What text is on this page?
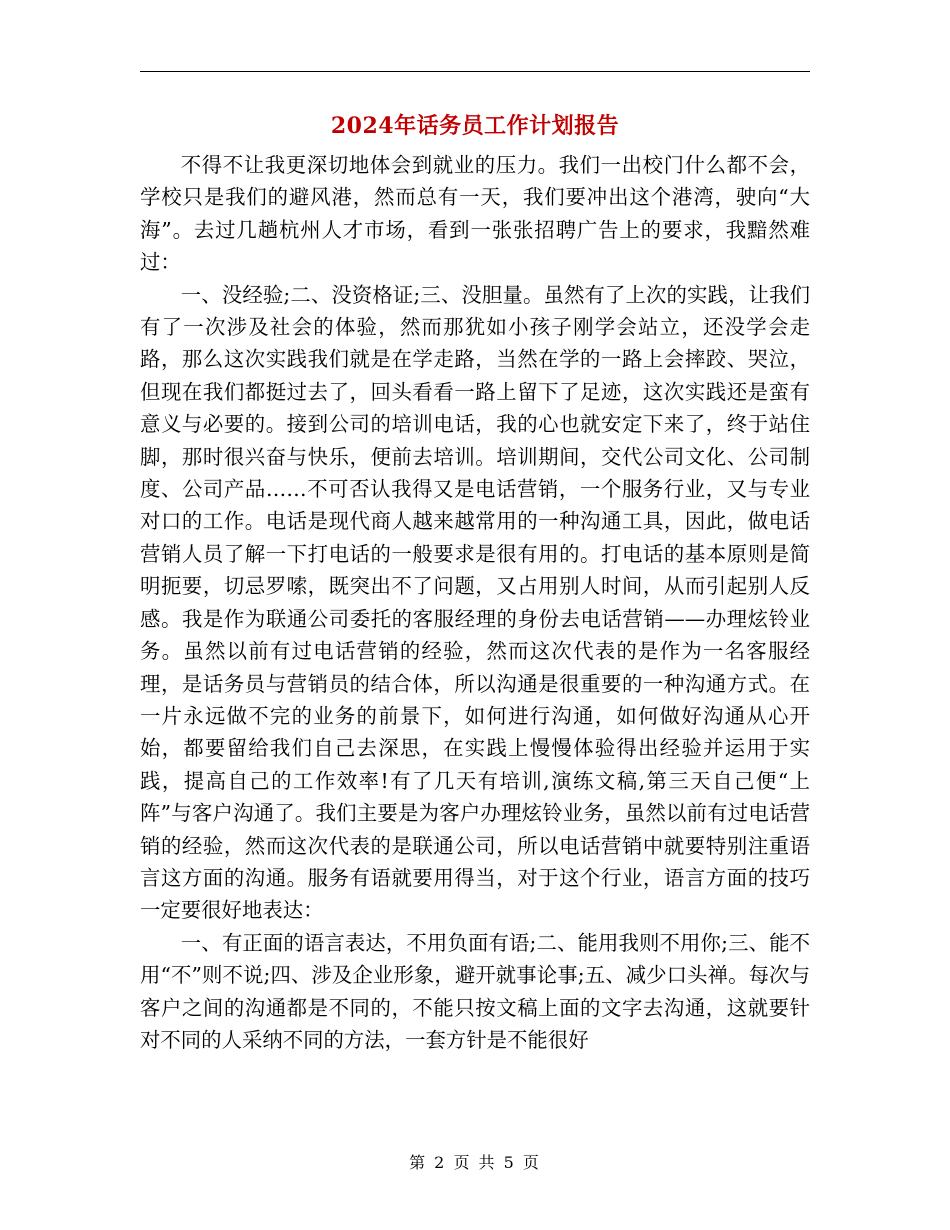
2024年话务员工作计划报告

不得不让我更深切地体会到就业的压力。我们一出校门什么都不会，学校只是我们的避风港，然而总有一天，我们要冲出这个港湾，驶向“大海”。去过几趟杭州人才市场，看到一张张招聘广告上的要求，我黯然难过：

一、没经验;二、没资格证;三、没胆量。虽然有了上次的实践，让我们有了一次涉及社会的体验，然而那犹如小孩子刚学会站立，还没学会走路，那么这次实践我们就是在学走路，当然在学的一路上会摔跤、哭泣，但现在我们都挺过去了，回头看看一路上留下了足迹，这次实践还是蛮有意义与必要的。接到公司的培训电话，我的心也就安定下来了，终于站住脚，那时很兴奋与快乐，便前去培训。培训期间，交代公司文化、公司制度、公司产品……不可否认我得又是电话营销，一个服务行业，又与专业对口的工作。电话是现代商人越来越常用的一种沟通工具，因此，做电话营销人员了解一下打电话的一般要求是很有用的。打电话的基本原则是简明扼要，切忌罗嗦，既突出不了问题，又占用别人时间，从而引起别人反感。我是作为联通公司委托的客服经理的身份去电话营销——办理炫铃业务。虽然以前有过电话营销的经验，然而这次代表的是作为一名客服经理，是话务员与营销员的结合体，所以沟通是很重要的一种沟通方式。在一片永远做不完的业务的前景下，如何进行沟通，如何做好沟通从心开始，都要留给我们自己去深思，在实践上慢慢体验得出经验并运用于实践，提高自己的工作效率!有了几天有培训,演练文稿,第三天自己便“上阵”与客户沟通了。我们主要是为客户办理炫铃业务，虽然以前有过电话营销的经验，然而这次代表的是联通公司，所以电话营销中就要特别注重语言这方面的沟通。服务有语就要用得当，对于这个行业，语言方面的技巧一定要很好地表达：

一、有正面的语言表达，不用负面有语;二、能用我则不用你;三、能不用“不”则不说;四、涉及企业形象，避开就事论事;五、减少口头禅。每次与客户之间的沟通都是不同的，不能只按文稿上面的文字去沟通，这就要针对不同的人采纳不同的方法，一套方针是不能很好

第 2 页 共 5 页
